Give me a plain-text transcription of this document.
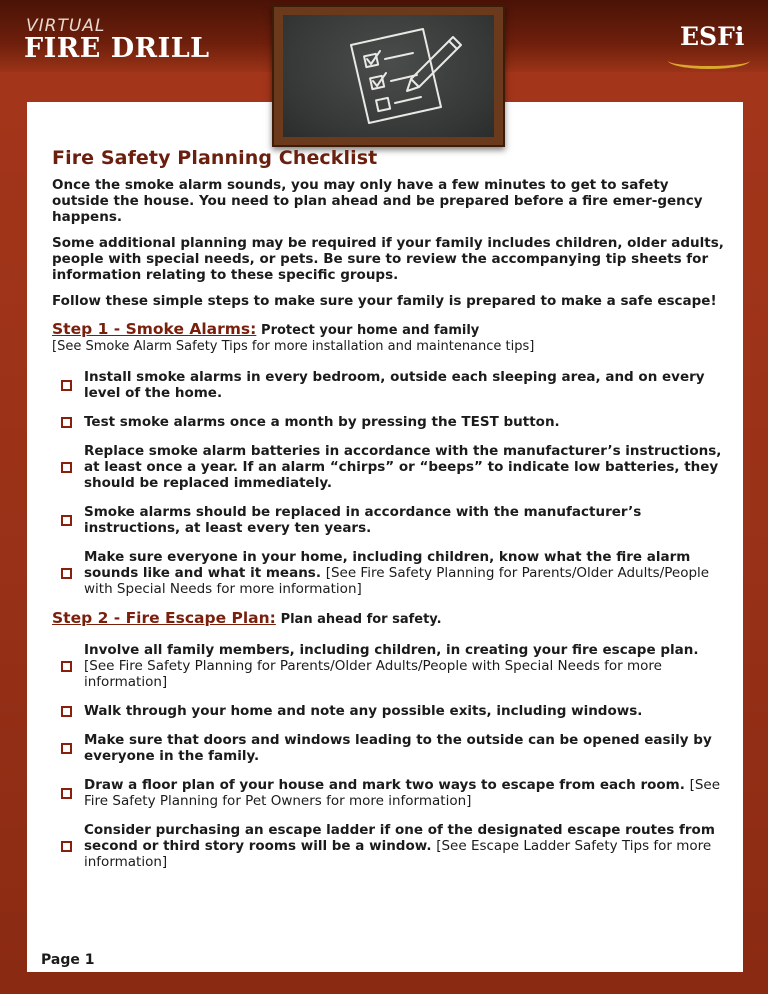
VIRTUAL
FIRE DRILL	ESFi
Fire Safety Planning Checklist
Once the smoke alarm sounds, you may only have a few minutes to get to safety outside the house. You need to plan ahead and be prepared before a fire emer-gency happens.
Some additional planning may be required if your family includes children, older adults, people with special needs, or pets. Be sure to review the accompanying tip sheets for information relating to these specific groups.
Follow these simple steps to make sure your family is prepared to make a safe escape!
Step 1 - Smoke Alarms: Protect your home and family
[See Smoke Alarm Safety Tips for more installation and maintenance tips]
Install smoke alarms in every bedroom, outside each sleeping area, and on every level of the home.
Test smoke alarms once a month by pressing the TEST button.
Replace smoke alarm batteries in accordance with the manufacturer’s instructions, at least once a year. If an alarm “chirps” or “beeps” to indicate low batteries, they should be replaced immediately.
Smoke alarms should be replaced in accordance with the manufacturer’s instructions, at least every ten years.
Make sure everyone in your home, including children, know what the fire alarm sounds like and what it means. [See Fire Safety Planning for Parents/Older Adults/People with Special Needs for more information]
Step 2 - Fire Escape Plan: Plan ahead for safety.
Involve all family members, including children, in creating your fire escape plan. [See Fire Safety Planning for Parents/Older Adults/People with Special Needs for more information]
Walk through your home and note any possible exits, including windows.
Make sure that doors and windows leading to the outside can be opened easily by everyone in the family.
Draw a floor plan of your house and mark two ways to escape from each room. [See Fire Safety Planning for Pet Owners for more information]
Consider purchasing an escape ladder if one of the designated escape routes from second or third story rooms will be a window. [See Escape Ladder Safety Tips for more information]
Page 1
